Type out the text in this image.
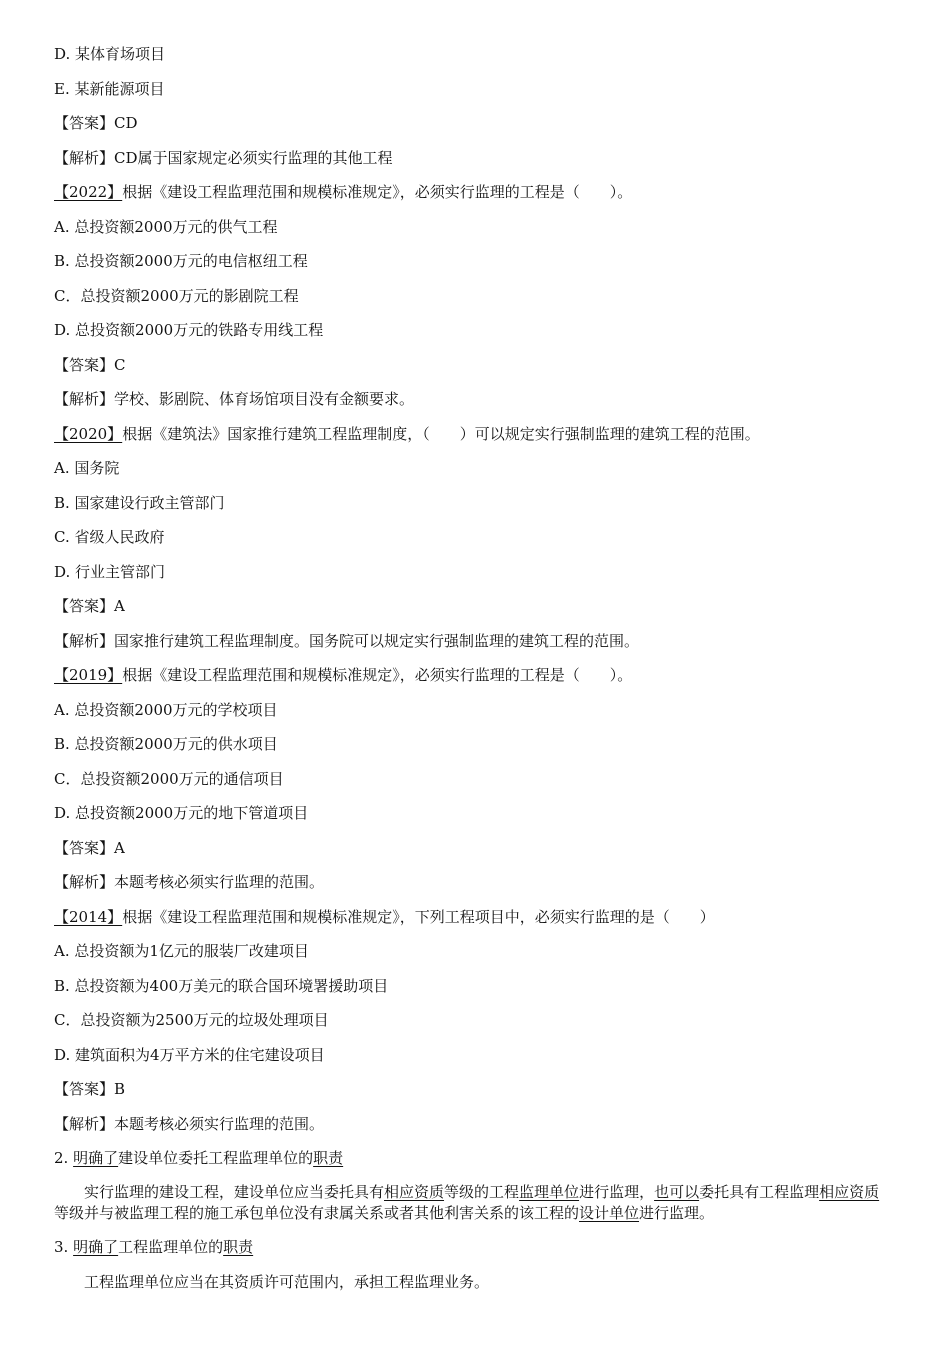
D. 某体育场项目
E. 某新能源项目
【答案】CD
【解析】CD属于国家规定必须实行监理的其他工程
【2022】根据《建设工程监理范围和规模标准规定》，必须实行监理的工程是（　　）。
A. 总投资额2000万元的供气工程
B. 总投资额2000万元的电信枢纽工程
C．总投资额2000万元的影剧院工程
D. 总投资额2000万元的铁路专用线工程
【答案】C
【解析】学校、影剧院、体育场馆项目没有金额要求。
【2020】根据《建筑法》国家推行建筑工程监理制度，（　　）可以规定实行强制监理的建筑工程的范围。
A. 国务院
B. 国家建设行政主管部门
C. 省级人民政府
D. 行业主管部门
【答案】A
【解析】国家推行建筑工程监理制度。国务院可以规定实行强制监理的建筑工程的范围。
【2019】根据《建设工程监理范围和规模标准规定》，必须实行监理的工程是（　　）。
A. 总投资额2000万元的学校项目
B. 总投资额2000万元的供水项目
C．总投资额2000万元的通信项目
D. 总投资额2000万元的地下管道项目
【答案】A
【解析】本题考核必须实行监理的范围。
【2014】根据《建设工程监理范围和规模标准规定》，下列工程项目中，必须实行监理的是（　　）
A. 总投资额为1亿元的服装厂改建项目
B. 总投资额为400万美元的联合国环境署援助项目
C．总投资额为2500万元的垃圾处理项目
D. 建筑面积为4万平方米的住宅建设项目
【答案】B
【解析】本题考核必须实行监理的范围。
2. 明确了建设单位委托工程监理单位的职责
实行监理的建设工程，建设单位应当委托具有相应资质等级的工程监理单位进行监理，也可以委托具有工程监理相应资质等级并与被监理工程的施工承包单位没有隶属关系或者其他利害关系的该工程的设计单位进行监理。
3. 明确了工程监理单位的职责
工程监理单位应当在其资质许可范围内，承担工程监理业务。
